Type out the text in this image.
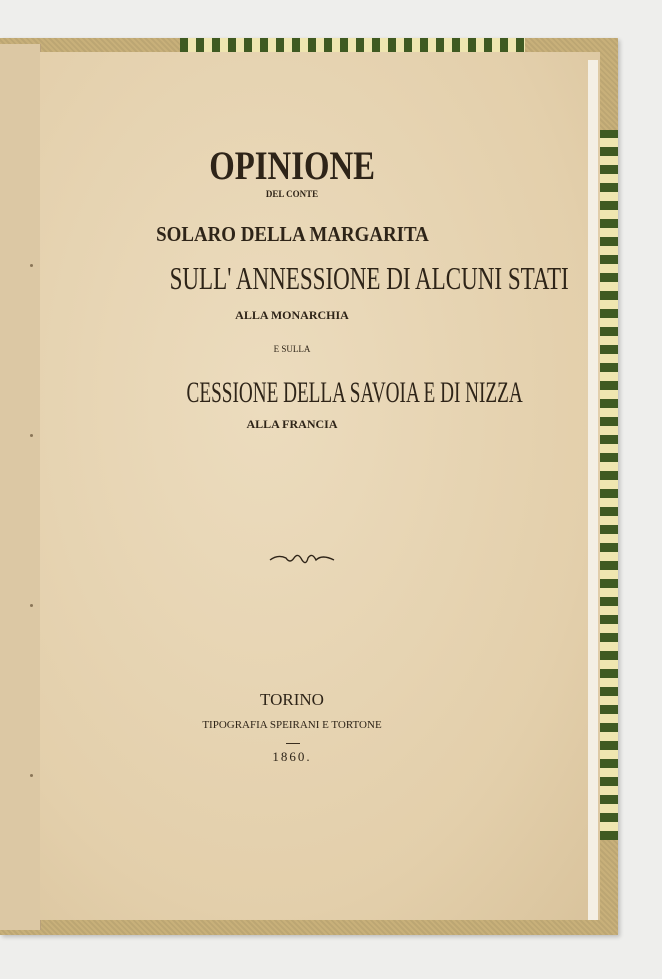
OPINIONE
DEL CONTE
SOLARO DELLA MARGARITA
SULL' ANNESSIONE DI ALCUNI STATI
ALLA MONARCHIA
E SULLA
CESSIONE DELLA SAVOIA E DI NIZZA
ALLA FRANCIA
TORINO
TIPOGRAFIA SPEIRANI E TORTONE
1860.
